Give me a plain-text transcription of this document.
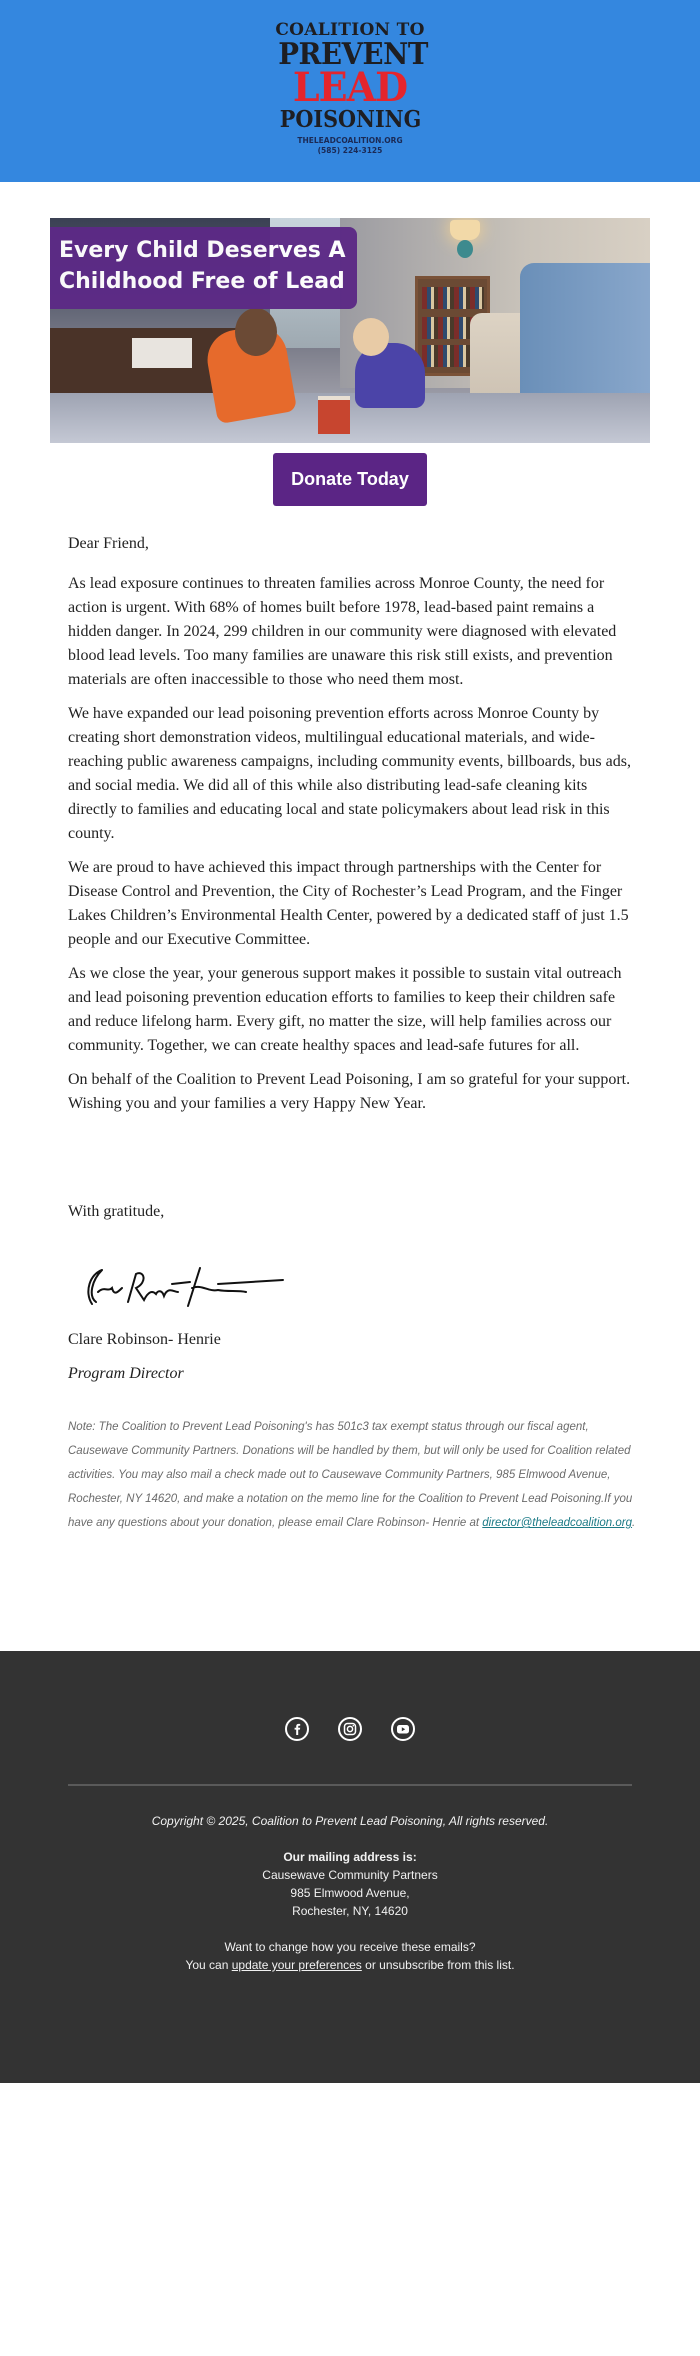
COALITION TO
PREVENT
LEAD
POISONING
THELEADCOALITION.ORG
(585) 224-3125
Every Child Deserves A
Childhood Free of Lead
Donate Today

Dear Friend,

As lead exposure continues to threaten families across Monroe County, the need for action is urgent. With 68% of homes built before 1978, lead-based paint remains a hidden danger. In 2024, 299 children in our community were diagnosed with elevated blood lead levels. Too many families are unaware this risk still exists, and prevention materials are often inaccessible to those who need them most.

We have expanded our lead poisoning prevention efforts across Monroe County by creating short demonstration videos, multilingual educational materials, and wide-reaching public awareness campaigns, including community events, billboards, bus ads, and social media. We did all of this while also distributing lead-safe cleaning kits directly to families and educating local and state policymakers about lead risk in this county.

We are proud to have achieved this impact through partnerships with the Center for Disease Control and Prevention, the City of Rochester’s Lead Program, and the Finger Lakes Children’s Environmental Health Center, powered by a dedicated staff of just 1.5 people and our Executive Committee.

As we close the year, your generous support makes it possible to sustain vital outreach and lead poisoning prevention education efforts to families to keep their children safe and reduce lifelong harm. Every gift, no matter the size, will help families across our community. Together, we can create healthy spaces and lead-safe futures for all.

On behalf of the Coalition to Prevent Lead Poisoning, I am so grateful for your support. Wishing you and your families a very Happy New Year.

With gratitude,
Clare Robinson- Henrie
Program Director
Note: The Coalition to Prevent Lead Poisoning's has 501c3 tax exempt status through our fiscal agent, Causewave Community Partners. Donations will be handled by them, but will only be used for Coalition related activities. You may also mail a check made out to Causewave Community Partners, 985 Elmwood Avenue, Rochester, NY 14620, and make a notation on the memo line for the Coalition to Prevent Lead Poisoning.If you have any questions about your donation, please email Clare Robinson- Henrie at director@theleadcoalition.org.
Copyright © 2025, Coalition to Prevent Lead Poisoning, All rights reserved.
Our mailing address is:
Causewave Community Partners
985 Elmwood Avenue,
Rochester, NY, 14620
Want to change how you receive these emails?
You can update your preferences or unsubscribe from this list.
